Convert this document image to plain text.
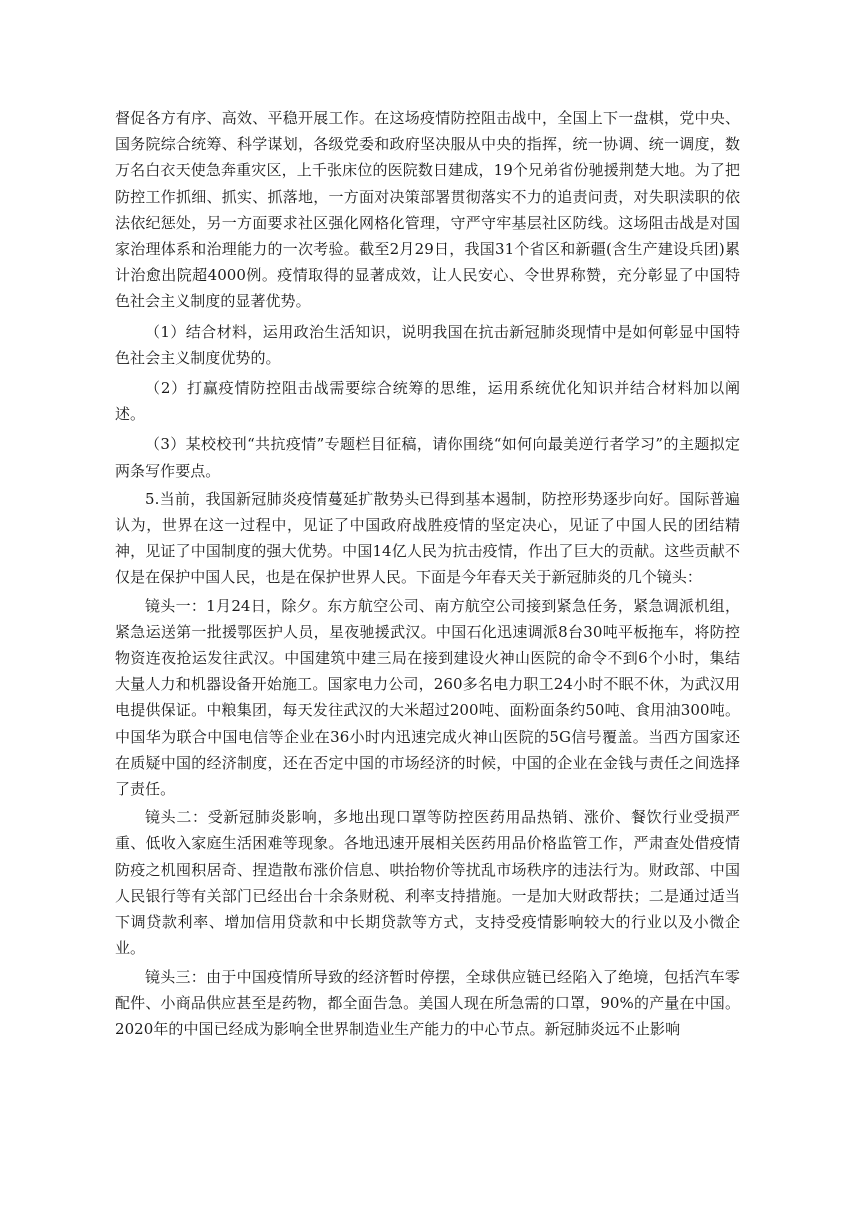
督促各方有序、高效、平稳开展工作。在这场疫情防控阻击战中，全国上下一盘棋，党中央、国务院综合统筹、科学谋划，各级党委和政府坚决服从中央的指挥，统一协调、统一调度，数万名白衣天使急奔重灾区，上千张床位的医院数日建成，19个兄弟省份驰援荆楚大地。为了把防控工作抓细、抓实、抓落地，一方面对决策部署贯彻落实不力的追责问责，对失职渎职的依法依纪惩处，另一方面要求社区强化网格化管理，守严守牢基层社区防线。这场阻击战是对国家治理体系和治理能力的一次考验。截至2月29日，我国31个省区和新疆(含生产建设兵团)累计治愈出院超4000例。疫情取得的显著成效，让人民安心、令世界称赞，充分彰显了中国特色社会主义制度的显著优势。

（1）结合材料，运用政治生活知识，说明我国在抗击新冠肺炎现情中是如何彰显中国特色社会主义制度优势的。

（2）打赢疫情防控阻击战需要综合统筹的思维，运用系统优化知识并结合材料加以阐述。

（3）某校校刊“共抗疫情”专题栏目征稿，请你围绕“如何向最美逆行者学习”的主题拟定两条写作要点。

5.当前，我国新冠肺炎疫情蔓延扩散势头已得到基本遏制，防控形势逐步向好。国际普遍认为，世界在这一过程中，见证了中国政府战胜疫情的坚定决心，见证了中国人民的团结精神，见证了中国制度的强大优势。中国14亿人民为抗击疫情，作出了巨大的贡献。这些贡献不仅是在保护中国人民，也是在保护世界人民。下面是今年春天关于新冠肺炎的几个镜头：

镜头一：1月24日，除夕。东方航空公司、南方航空公司接到紧急任务，紧急调派机组，紧急运送第一批援鄂医护人员，星夜驰援武汉。中国石化迅速调派8台30吨平板拖车，将防控物资连夜抢运发往武汉。中国建筑中建三局在接到建设火神山医院的命令不到6个小时，集结大量人力和机器设备开始施工。国家电力公司，260多名电力职工24小时不眠不休，为武汉用电提供保证。中粮集团，每天发往武汉的大米超过200吨、面粉面条约50吨、食用油300吨。中国华为联合中国电信等企业在36小时内迅速完成火神山医院的5G信号覆盖。当西方国家还在质疑中国的经济制度，还在否定中国的市场经济的时候，中国的企业在金钱与责任之间选择了责任。

镜头二：受新冠肺炎影响，多地出现口罩等防控医药用品热销、涨价、餐饮行业受损严重、低收入家庭生活困难等现象。各地迅速开展相关医药用品价格监管工作，严肃查处借疫情防疫之机囤积居奇、捏造散布涨价信息、哄抬物价等扰乱市场秩序的违法行为。财政部、中国人民银行等有关部门已经出台十余条财税、利率支持措施。一是加大财政帮扶；二是通过适当下调贷款利率、增加信用贷款和中长期贷款等方式，支持受疫情影响较大的行业以及小微企业。

镜头三：由于中国疫情所导致的经济暂时停摆，全球供应链已经陷入了绝境，包括汽车零配件、小商品供应甚至是药物，都全面告急。美国人现在所急需的口罩，90%的产量在中国。2020年的中国已经成为影响全世界制造业生产能力的中心节点。新冠肺炎远不止影响
